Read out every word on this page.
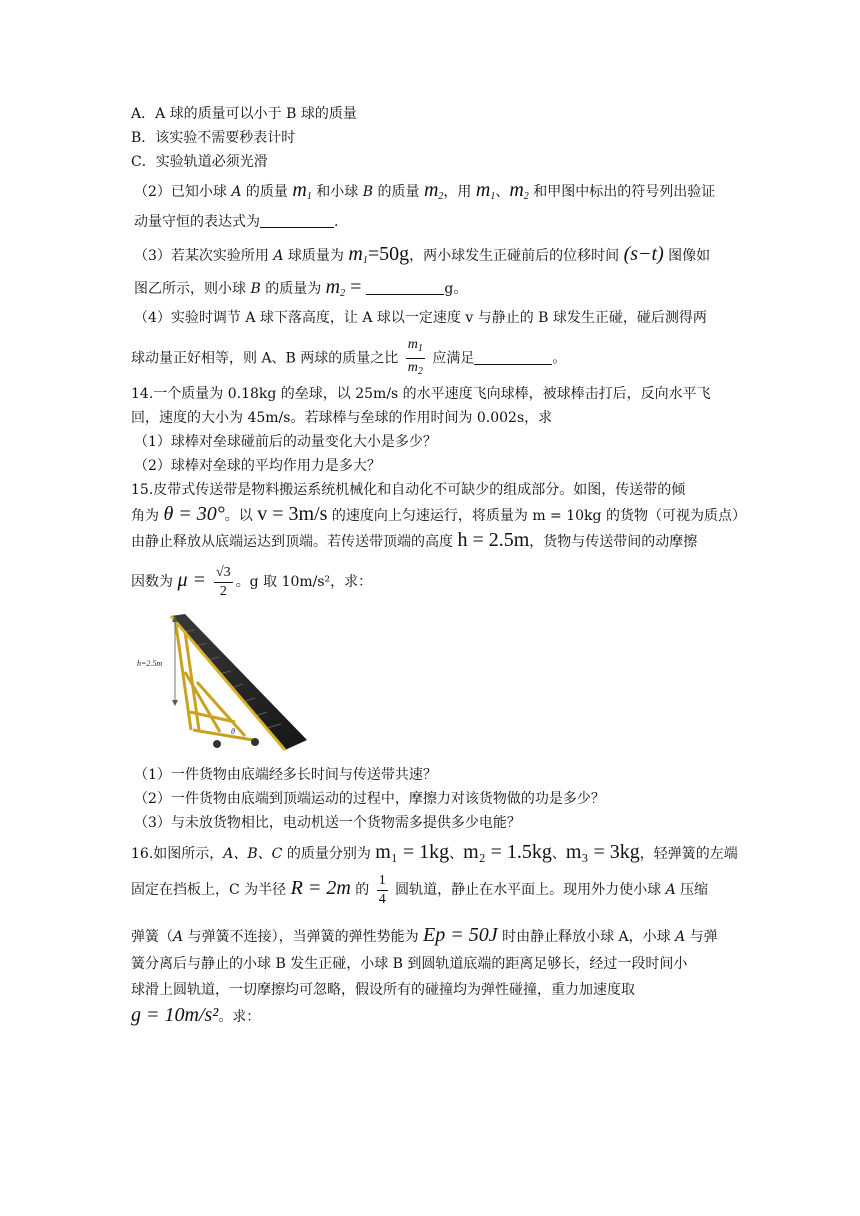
A．A 球的质量可以小于 B 球的质量
B．该实验不需要秒表计时
C．实验轨道必须光滑
（2）已知小球 A 的质量 $m_1$ 和小球 B 的质量 $m_2$，用 $m_1$、$m_2$ 和甲图中标出的符号列出验证
动量守恒的表达式为	.
（3）若某次实验所用 A 球质量为 $m_1=50g$，两小球发生正碰前后的位移时间 (s−t) 图像如
图乙所示，则小球 B 的质量为 $m_2$ =	g。
（4）实验时调节 A 球下落高度，让 A 球以一定速度 v 与静止的 B 球发生正碰，碰后测得两
球动量正好相等，则 A、B 两球的质量之比 $\frac{m_1}{m_2}$ 应满足	。
14.一个质量为 0.18kg 的垒球，以 25m/s 的水平速度飞向球棒，被球棒击打后，反向水平飞
回，速度的大小为 45m/s。若球棒与垒球的作用时间为 0.002s，求
（1）球棒对垒球碰前后的动量变化大小是多少？
（2）球棒对垒球的平均作用力是多大？
15.皮带式传送带是物料搬运系统机械化和自动化不可缺少的组成部分。如图，传送带的倾
角为 θ = 30°。以 v = 3m/s 的速度向上匀速运行，将质量为 m = 10kg 的货物（可视为质点）
由静止释放从底端运达到顶端。若传送带顶端的高度 h = 2.5m，货物与传送带间的动摩擦
因数为 $\mu = \frac{√3}{2}$ 。g 取 10m/s²，求：
h=2.5m
θ
（1）一件货物由底端经多长时间与传送带共速？
（2）一件货物由底端到顶端运动的过程中，摩擦力对该货物做的功是多少？
（3）与未放货物相比，电动机送一个货物需多提供多少电能？
16.如图所示，A、B、C 的质量分别为 m₁ = 1kg、m₂ = 1.5kg、m₃ = 3kg，轻弹簧的左端
固定在挡板上，C 为半径 R = 2m 的 $\frac{1}{4}$ 圆轨道，静止在水平面上。现用外力使小球 A 压缩
弹簧（A 与弹簧不连接），当弹簧的弹性势能为 Ep = 50J 时由静止释放小球 A，小球 A 与弹
簧分离后与静止的小球 B 发生正碰，小球 B 到圆轨道底端的距离足够长，经过一段时间小
球滑上圆轨道，一切摩擦均可忽略，假设所有的碰撞均为弹性碰撞，重力加速度取
g = 10m/s²。求：
